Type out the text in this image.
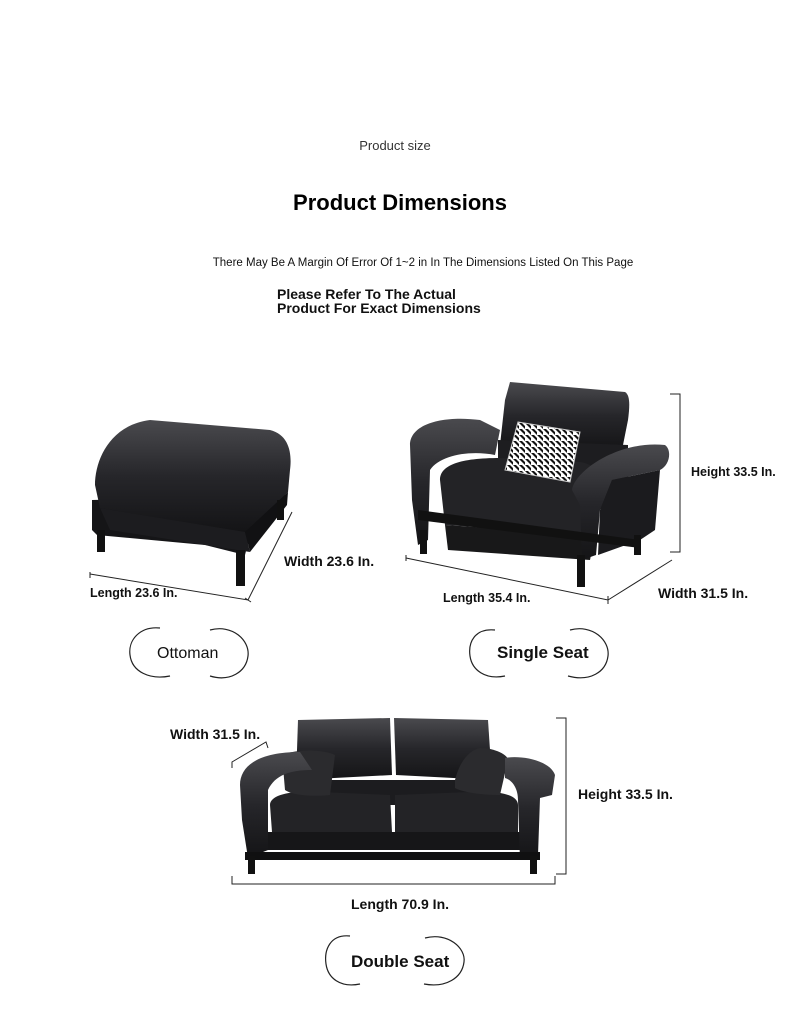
Product size
Product Dimensions
There May Be A Margin Of Error Of 1~2 in In The Dimensions Listed On This Page
Please Refer To The Actual
Product For Exact Dimensions
Width 23.6 In.
Length 23.6 In.
Height 33.5 In.
Length 35.4 In.	Width 31.5 In.
Width 31.5 In.
Height 33.5 In.
Length 70.9 In.
Ottoman	Single Seat
Double Seat
